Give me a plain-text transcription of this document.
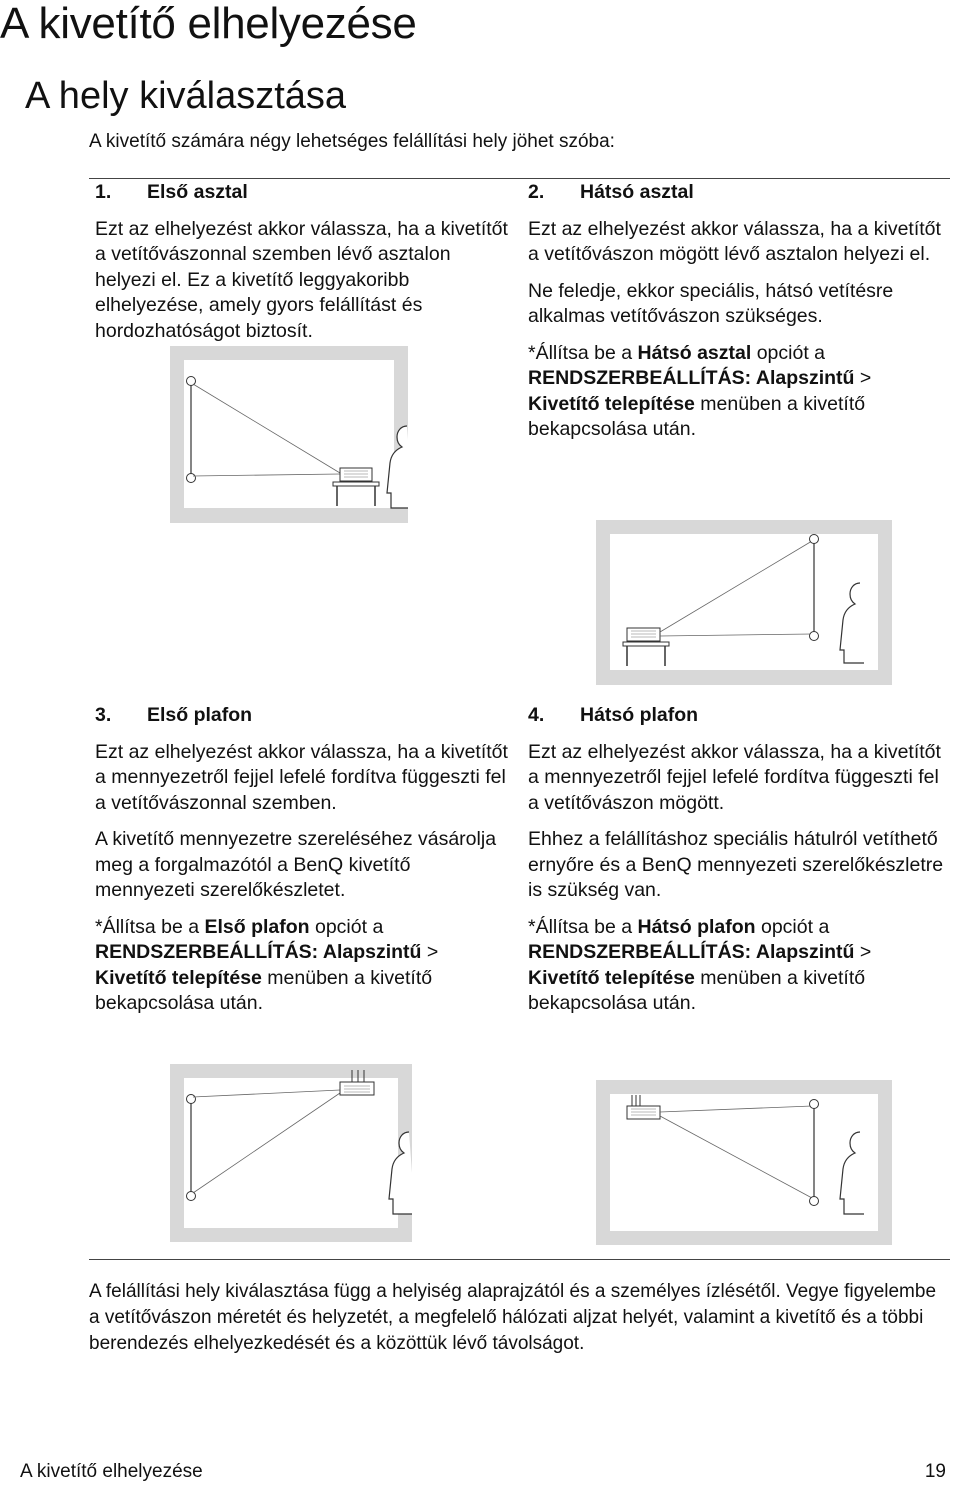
A kivetítő elhelyezése
A hely kiválasztása
A kivetítő számára négy lehetséges felállítási hely jöhet szóba:

1. Első asztal

Ezt az elhelyezést akkor válassza, ha a kivetítőt a vetítővászonnal szemben lévő asztalon helyezi el. Ez a kivetítő leggyakoribb elhelyezése, amely gyors felállítást és hordozhatóságot biztosít.

2. Hátsó asztal

Ezt az elhelyezést akkor válassza, ha a kivetítőt a vetítővászon mögött lévő asztalon helyezi el.

Ne feledje, ekkor speciális, hátsó vetítésre alkalmas vetítővászon szükséges.

*Állítsa be a Hátsó asztal opciót a RENDSZERBEÁLLÍTÁS: Alapszintű > Kivetítő telepítése menüben a kivetítő bekapcsolása után.

3. Első plafon

Ezt az elhelyezést akkor válassza, ha a kivetítőt a mennyezetről fejjel lefelé fordítva függeszti fel a vetítővászonnal szemben.

A kivetítő mennyezetre szereléséhez vásárolja meg a forgalmazótól a BenQ kivetítő mennyezeti szerelőkészletet.

*Állítsa be a Első plafon opciót a RENDSZERBEÁLLÍTÁS: Alapszintű > Kivetítő telepítése menüben a kivetítő bekapcsolása után.

4. Hátsó plafon

Ezt az elhelyezést akkor válassza, ha a kivetítőt a mennyezetről fejjel lefelé fordítva függeszti fel a vetítővászon mögött.

Ehhez a felállításhoz speciális hátulról vetíthető ernyőre és a BenQ mennyezeti szerelőkészletre is szükség van.

*Állítsa be a Hátsó plafon opciót a RENDSZERBEÁLLÍTÁS: Alapszintű > Kivetítő telepítése menüben a kivetítő bekapcsolása után.

A felállítási hely kiválasztása függ a helyiség alaprajzától és a személyes ízlésétől. Vegye figyelembe a vetítővászon méretét és helyzetét, a megfelelő hálózati aljzat helyét, valamint a kivetítő és a többi berendezés elhelyezkedését és a közöttük lévő távolságot.
A kivetítő elhelyezése	19
